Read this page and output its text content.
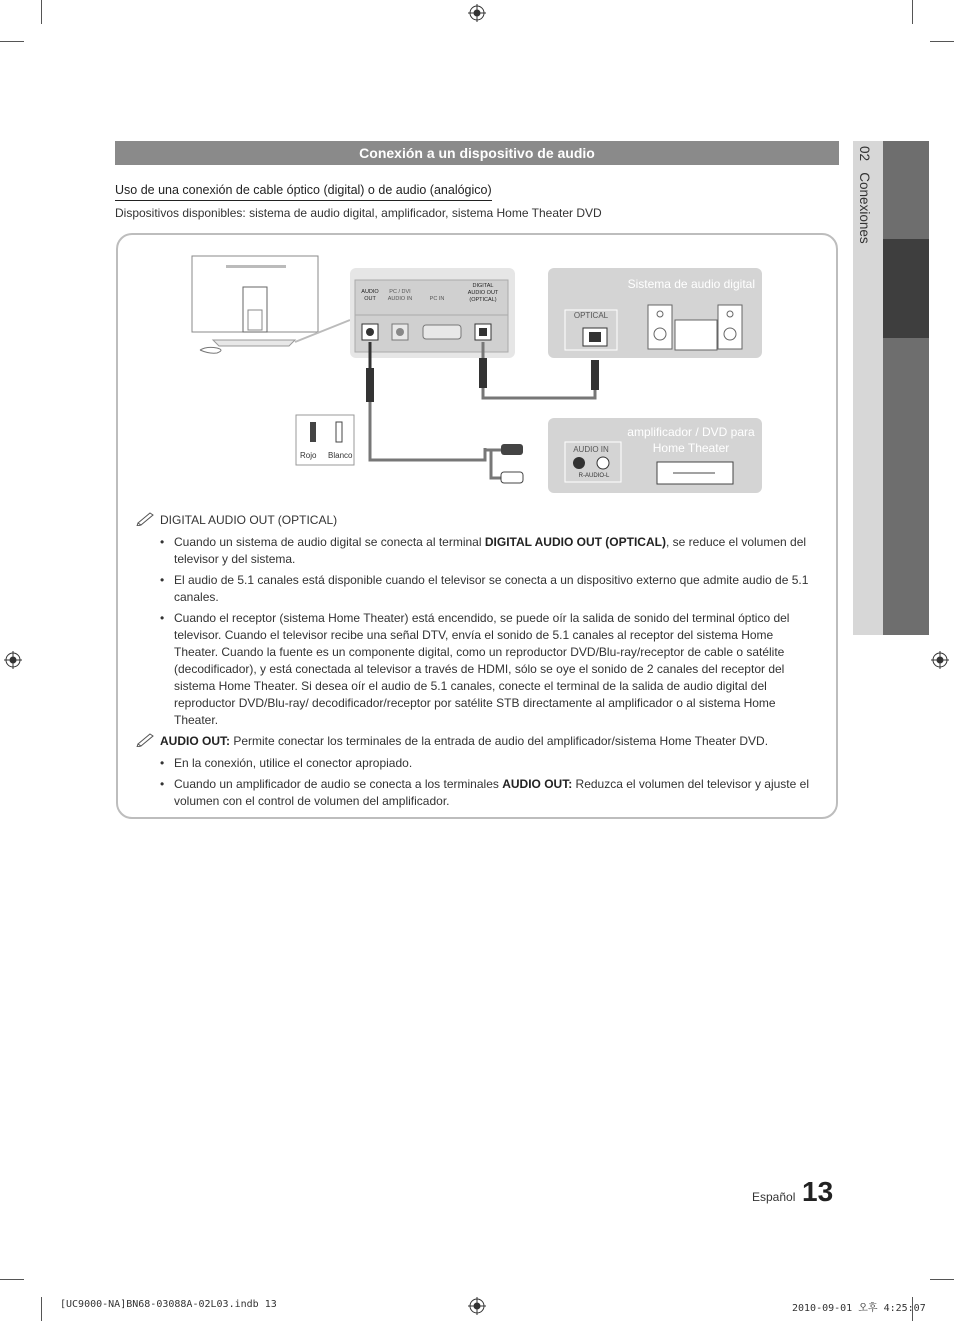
02   Conexiones
Conexión a un dispositivo de audio
Uso de una conexión de cable óptico (digital) o de audio (analógico)
Dispositivos disponibles: sistema de audio digital, amplificador, sistema Home Theater DVD
AUDIO
OUT
PC / DVI
AUDIO IN	PC IN
DIGITAL
AUDIO OUT
(OPTICAL)
Sistema de audio digital
OPTICAL
amplificador / DVD para
Home Theater
AUDIO IN
R-AUDIO-L
Rojo Blanco
DIGITAL AUDIO OUT (OPTICAL)
• Cuando un sistema de audio digital se conecta al terminal DIGITAL AUDIO OUT (OPTICAL), se reduce el volumen del televisor y del sistema.
• El audio de 5.1 canales está disponible cuando el televisor se conecta a un dispositivo externo que admite audio de 5.1 canales.
• Cuando el receptor (sistema Home Theater) está encendido, se puede oír la salida de sonido del terminal óptico del televisor. Cuando el televisor recibe una señal DTV, envía el sonido de 5.1 canales al receptor del sistema Home Theater. Cuando la fuente es un componente digital, como un reproductor DVD/Blu-ray/receptor de cable o satélite (decodificador), y está conectada al televisor a través de HDMI, sólo se oye el sonido de 2 canales del receptor del sistema Home Theater. Si desea oír el audio de 5.1 canales, conecte el terminal de la salida de audio digital del reproductor DVD/Blu-ray/ decodificador/receptor por satélite STB directamente al amplificador o al sistema Home Theater.
AUDIO OUT: Permite conectar los terminales de la entrada de audio del amplificador/sistema Home Theater DVD.
• En la conexión, utilice el conector apropiado.
• Cuando un amplificador de audio se conecta a los terminales AUDIO OUT: Reduzca el volumen del televisor y ajuste el volumen con el control de volumen del amplificador.
Español 13
[UC9000-NA]BN68-03088A-02L03.indb 13	2010-09-01 오후 4:25:07
